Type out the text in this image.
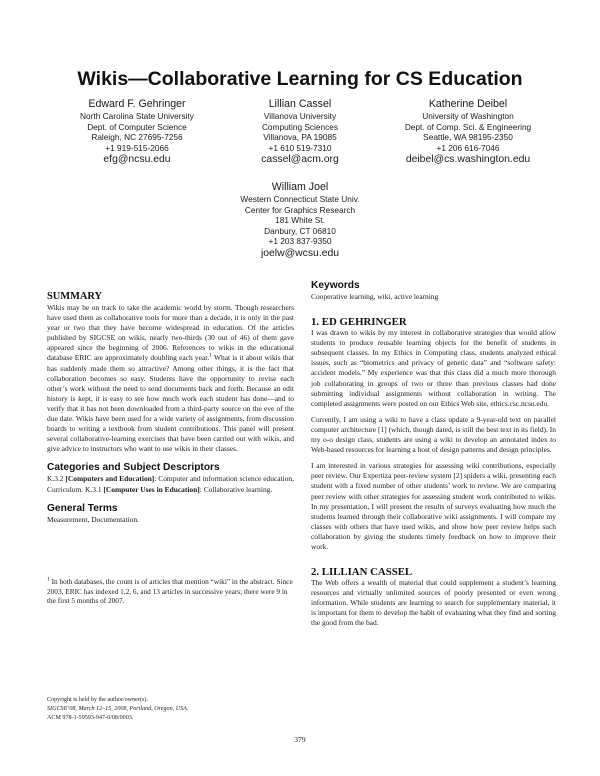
Wikis—Collaborative Learning for CS Education
Edward F. Gehringer
North Carolina State University
Dept. of Computer Science
Raleigh, NC 27695-7256
+1 919-515-2066
efg@ncsu.edu
Lillian Cassel
Villanova University
Computing Sciences
Villanova, PA 19085
+1 610 519-7310
cassel@acm.org
Katherine Deibel
University of Washington
Dept. of Comp. Sci. & Engineering
Seattle, WA 98195-2350
+1 206 616-7046
deibel@cs.washington.edu
William Joel
Western Connecticut State Univ.
Center for Graphics Research
181 White St.
Danbury, CT 06810
+1 203 837-9350
joelw@wcsu.edu
SUMMARY

Wikis may be on track to take the academic world by storm. Though researchers have used them as collaborative tools for more than a decade, it is only in the past year or two that they have become widespread in education. Of the articles published by SIGCSE on wikis, nearly two-thirds (30 out of 46) of them gave appeared since the beginning of 2006. References to wikis in the educational database ERIC are approximately doubling each year.$^1$ What is it about wikis that has suddenly made them so attractive? Among other things, it is the fact that collaboration becomes so easy. Students have the opportunity to revise each other’s work without the need to send documents back and forth. Because an edit history is kept, it is easy to see how much work each student has done—and to verify that it has not been downloaded from a third-party source on the eve of the due date. Wikis have been used for a wide variety of assignments, from discussion boards to writing a textbook from student contributions. This panel will present several collaborative-learning exercises that have been carried out with wikis, and give advice to instructors who want to use wikis in their classes.

Categories and Subject Descriptors

K.3.2 [Computers and Education]: Computer and information science education, Curriculum. K.3.1 [Computer Uses in Education]: Collaborative learning.

General Terms

Measurement, Documentation.

$^1$ In both databases, the count is of articles that mention “wiki” in the abstract. Since 2003, ERIC has indexed 1,2, 6, and 13 articles in successive years; there were 9 in the first 5 months of 2007.
Copyright is held by the author/owner(s).
SIGCSE’08, March 12–15, 2008, Portland, Oregon, USA.
ACM 978-1-59593-947-0/08/0003.
Keywords

Cooperative learning, wiki, active learning

1. ED GEHRINGER

I was drawn to wikis by my interest in collaborative strategies that would allow students to produce reusable learning objects for the benefit of students in subsequent classes. In my Ethics in Computing class, students analyzed ethical issues, such as “biometrics and privacy of genetic data” and “software safety: accident models.” My experience was that this class did a much more thorough job collaborating in groups of two or three than previous classes had done submitting individual assignments without collaboration in writing. The completed assignments were posted on our Ethics Web site, ethics.csc.ncsu.edu.

Currently, I am using a wiki to have a class update a 9-year-old text on parallel computer architecture [1] (which, though dated, is still the best text in its field). In my o-o design class, students are using a wiki to develop an annotated index to Web-based resources for learning a host of design patterns and design principles.

I am interested in various strategies for assessing wiki contributions, especially peer review. Our Expertiza peer-review system [2] spiders a wiki, presenting each student with a fixed number of other students’ work to review. We are comparing peer review with other strategies for assessing student work contributed to wikis. In my presentation, I will present the results of surveys evaluating how much the students learned through their collaborative wiki assignments. I will compare my classes with others that have used wikis, and show how peer review helps such collaboration by giving the students timely feedback on how to improve their work.

2. LILLIAN CASSEL

The Web offers a wealth of material that could supplement a student’s learning resources and virtually unlimited sources of poorly presented or even wrong information. While students are learning to search for supplementary material, it is important for them to develop the habit of evaluating what they find and sorting the good from the bad.

379
